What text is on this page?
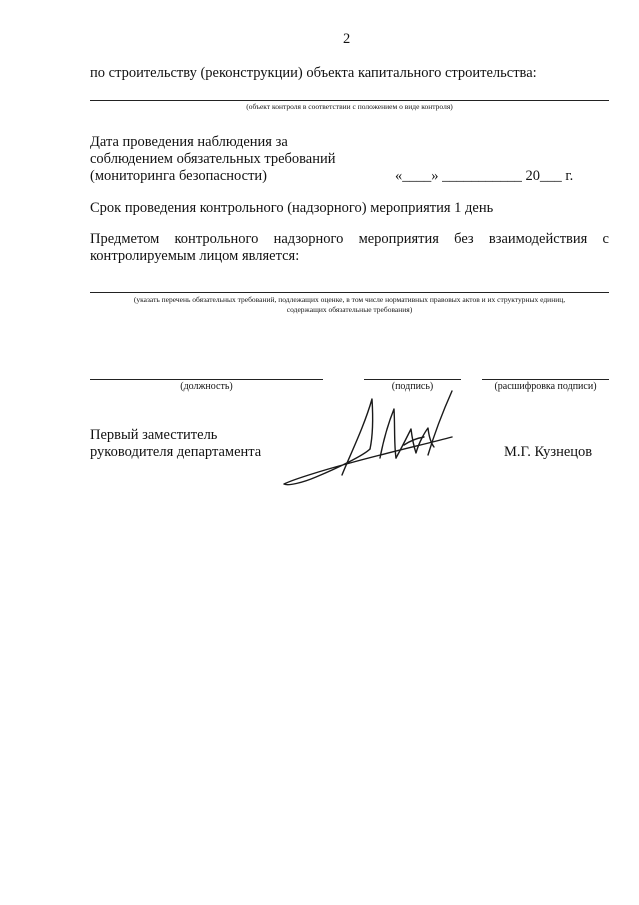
2
по строительству (реконструкции) объекта капитального строительства:
(объект контроля в соответствии с положением о виде контроля)
Дата проведения наблюдения за
соблюдением обязательных требований
(мониторинга безопасности)	«____» ___________ 20___ г.
Срок проведения контрольного (надзорного) мероприятия 1 день
Предметом контрольного надзорного мероприятия без взаимодействия с
контролируемым лицом является:
(указать перечень обязательных требований, подлежащих оценке, в том числе нормативных правовых актов и их структурных единиц,
содержащих обязательные требования)
(должность)	(подпись)	(расшифровка подписи)
Первый заместитель
руководителя департамента	М.Г. Кузнецов
